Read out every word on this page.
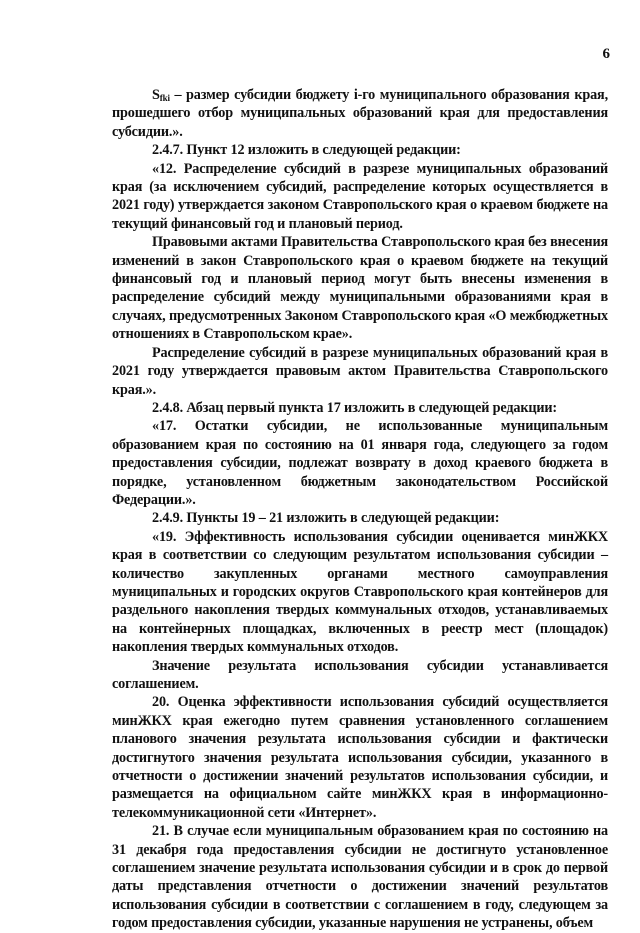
6

$S_{fki}$ – размер субсидии бюджету i-го муниципального образования края, прошедшего отбор муниципальных образований края для предоставления субсидии.».

2.4.7. Пункт 12 изложить в следующей редакции:

«12. Распределение субсидий в разрезе муниципальных образований края (за исключением субсидий, распределение которых осуществляется в 2021 году) утверждается законом Ставропольского края о краевом бюджете на текущий финансовый год и плановый период.

Правовыми актами Правительства Ставропольского края без внесения изменений в закон Ставропольского края о краевом бюджете на текущий финансовый год и плановый период могут быть внесены изменения в распределение субсидий между муниципальными образованиями края в случаях, предусмотренных Законом Ставропольского края «О межбюджетных отношениях в Ставропольском крае».

Распределение субсидий в разрезе муниципальных образований края в 2021 году утверждается правовым актом Правительства Ставропольского края.».

2.4.8. Абзац первый пункта 17 изложить в следующей редакции:

«17. Остатки субсидии, не использованные муниципальным образованием края по состоянию на 01 января года, следующего за годом предоставления субсидии, подлежат возврату в доход краевого бюджета в порядке, установленном бюджетным законодательством Российской Федерации.».

2.4.9. Пункты 19 – 21 изложить в следующей редакции:

«19. Эффективность использования субсидии оценивается минЖКХ края в соответствии со следующим результатом использования субсидии – количество закупленных органами местного самоуправления муниципальных и городских округов Ставропольского края контейнеров для раздельного накопления твердых коммунальных отходов, устанавливаемых на контейнерных площадках, включенных в реестр мест (площадок) накопления твердых коммунальных отходов.

Значение результата использования субсидии устанавливается соглашением.

20. Оценка эффективности использования субсидий осуществляется минЖКХ края ежегодно путем сравнения установленного соглашением планового значения результата использования субсидии и фактически достигнутого значения результата использования субсидии, указанного в отчетности о достижении значений результатов использования субсидии, и размещается на официальном сайте минЖКХ края в информационно-телекоммуникационной сети «Интернет».

21. В случае если муниципальным образованием края по состоянию на 31 декабря года предоставления субсидии не достигнуто установленное соглашением значение результата использования субсидии и в срок до первой даты представления отчетности о достижении значений результатов использования субсидии в соответствии с соглашением в году, следующем за годом предоставления субсидии, указанные нарушения не устранены, объем
